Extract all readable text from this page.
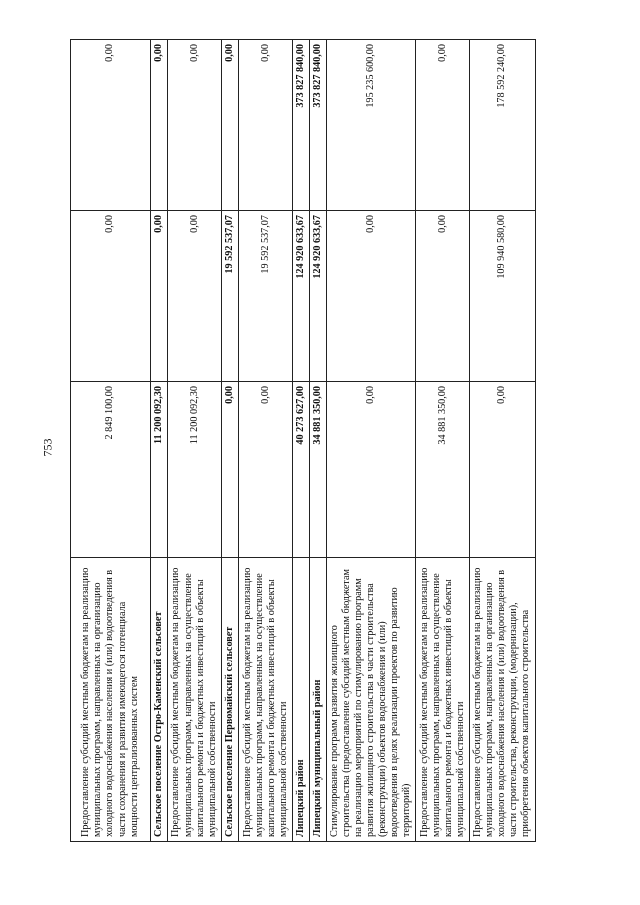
753
Предоставление субсидий местным бюджетам на реализацию муниципальных программ, направленных на организацию холодного водоснабжения населения и (или) водоотведения в части сохранения и развития имеющегося потенциала мощности централизованных систем	2 849 100,00	0,00	0,00
Сельское поселение Остро-Каменский сельсовет	11 200 092,30	0,00	0,00
Предоставление субсидий местным бюджетам на реализацию муниципальных программ, направленных на осуществление капитального ремонта и бюджетных инвестиций в объекты муниципальной собственности	11 200 092,30	0,00	0,00
Сельское поселение Первомайский сельсовет	0,00	19 592 537,07	0,00
Предоставление субсидий местным бюджетам на реализацию муниципальных программ, направленных на осуществление капитального ремонта и бюджетных инвестиций в объекты муниципальной собственности	0,00	19 592 537,07	0,00
Липецкий район	40 273 627,00	124 920 633,67	373 827 840,00
Липецкий муниципальный район	34 881 350,00	124 920 633,67	373 827 840,00
Стимулирование программ развития жилищного строительства (предоставление субсидий местным бюджетам на реализацию мероприятий по стимулированию программ развития жилищного строительства в части строительства (реконструкции) объектов водоснабжения и (или) водоотведения в целях реализации проектов по развитию территорий)	0,00	0,00	195 235 600,00
Предоставление субсидий местным бюджетам на реализацию муниципальных программ, направленных на осуществление капитального ремонта и бюджетных инвестиций в объекты муниципальной собственности	34 881 350,00	0,00	0,00
Предоставление субсидий местным бюджетам на реализацию муниципальных программ, направленных на организацию холодного водоснабжения населения и (или) водоотведения в части строительства, реконструкции, (модернизации), приобретения объектов капитального строительства	0,00	109 940 580,00	178 592 240,00
